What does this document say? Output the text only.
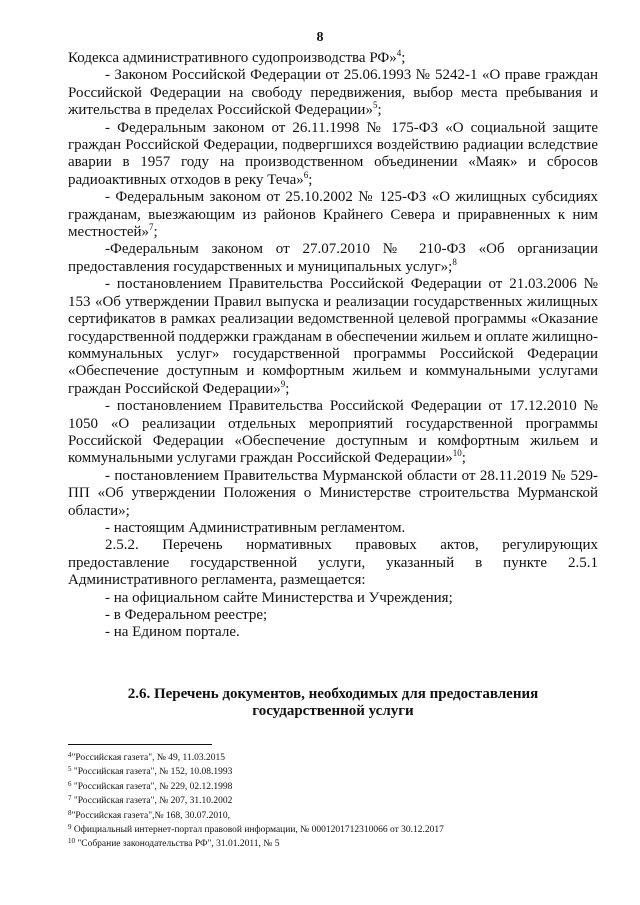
8

Кодекса административного судопроизводства РФ»$^4$;

- Законом Российской Федерации от 25.06.1993 № 5242-1 «О праве граждан Российской Федерации на свободу передвижения, выбор места пребывания и жительства в пределах Российской Федерации»$^5$;

- Федеральным законом от 26.11.1998 № 175-ФЗ «О социальной защите граждан Российской Федерации, подвергшихся воздействию радиации вследствие аварии в 1957 году на производственном объединении «Маяк» и сбросов радиоактивных отходов в реку Теча»$^6$;

- Федеральным законом от 25.10.2002 № 125-ФЗ «О жилищных субсидиях гражданам, выезжающим из районов Крайнего Севера и приравненных к ним местностей»$^7$;

-Федеральным законом от 27.07.2010 № 210-ФЗ «Об организации предоставления государственных и муниципальных услуг»;$^8$

- постановлением Правительства Российской Федерации от 21.03.2006 № 153 «Об утверждении Правил выпуска и реализации государственных жилищных сертификатов в рамках реализации ведомственной целевой программы «Оказание государственной поддержки гражданам в обеспечении жильем и оплате жилищно-коммунальных услуг» государственной программы Российской Федерации «Обеспечение доступным и комфортным жильем и коммунальными услугами граждан Российской Федерации»$^9$;

- постановлением Правительства Российской Федерации от 17.12.2010 № 1050 «О реализации отдельных мероприятий государственной программы Российской Федерации «Обеспечение доступным и комфортным жильем и коммунальными услугами граждан Российской Федерации»$^{10}$;

- постановлением Правительства Мурманской области от 28.11.2019 № 529-ПП «Об утверждении Положения о Министерстве строительства Мурманской области»;

- настоящим Административным регламентом.

2.5.2. Перечень нормативных правовых актов, регулирующих предоставление государственной услуги, указанный в пункте 2.5.1 Административного регламента, размещается:

- на официальном сайте Министерства и Учреждения;

- в Федеральном реестре;

- на Едином портале.

2.6. Перечень документов, необходимых для предоставления
государственной услуги

$^4$"Российская газета", № 49, 11.03.2015

$^5$ "Российская газета", № 152, 10.08.1993

$^6$ "Российская газета", № 229, 02.12.1998

$^7$ "Российская газета", № 207, 31.10.2002

$^8$"Российская газета",№ 168, 30.07.2010,

$^9$ Официальный интернет-портал правовой информации, № 0001201712310066 от 30.12.2017

$^{10}$ "Собрание законодательства РФ", 31.01.2011, № 5
